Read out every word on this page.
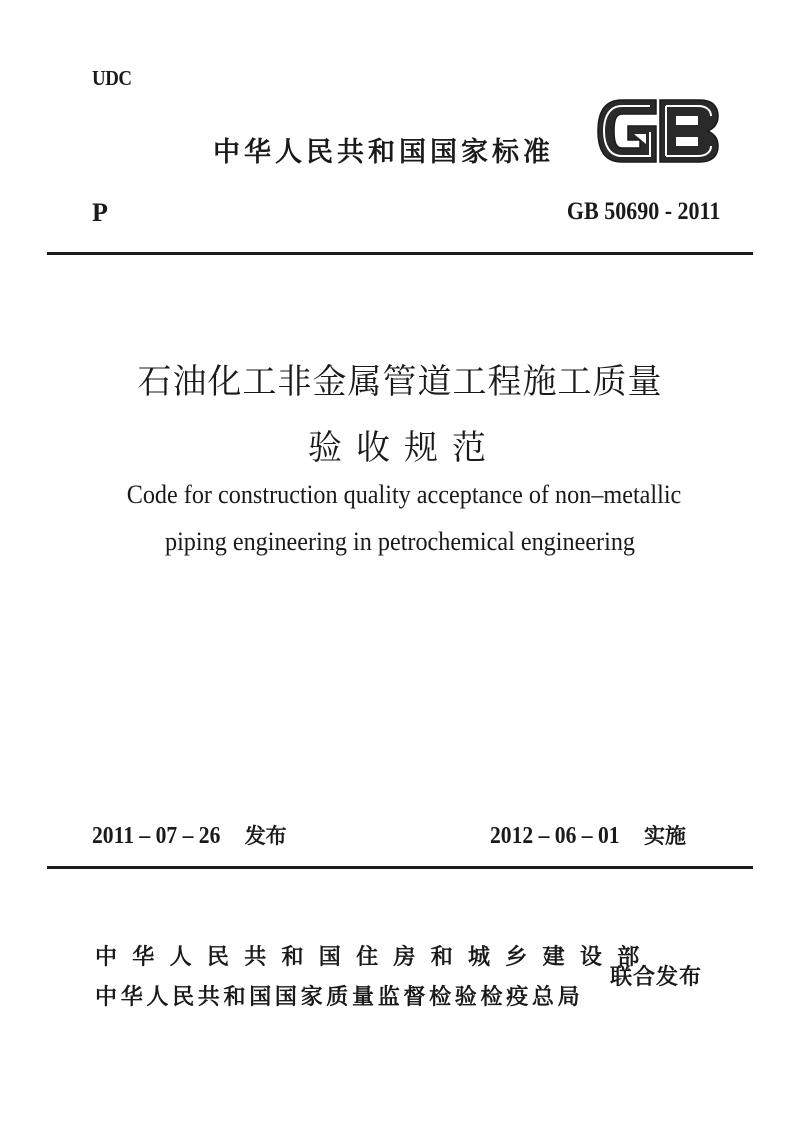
UDC
中华人民共和国国家标准
P	GB 50690 - 2011
石油化工非金属管道工程施工质量
验收规范
Code for construction quality acceptance of non–metallic
piping engineering in petrochemical engineering
2011 – 07 – 26 发布	2012 – 06 – 01 实施
中华人民共和国住房和城乡建设部
中华人民共和国国家质量监督检验检疫总局
联合发布
